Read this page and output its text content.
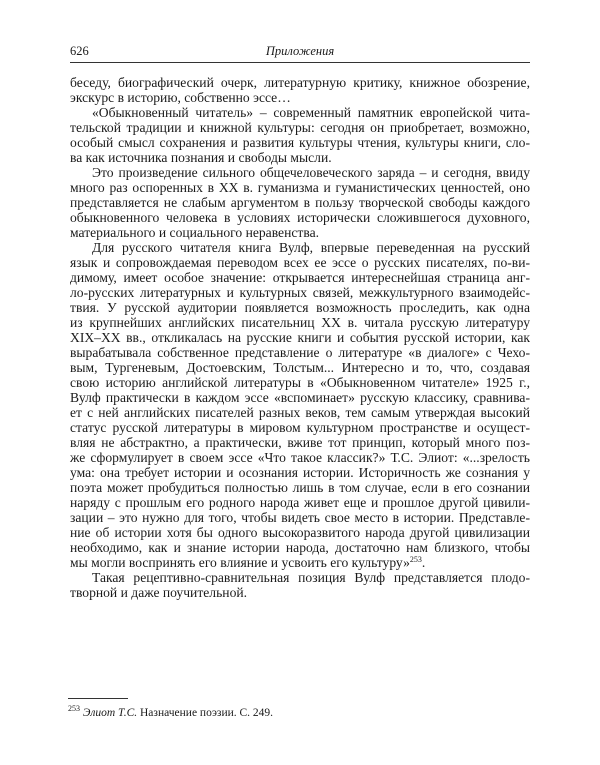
626	Приложения
беседу, биографический очерк, литературную критику, книжное обозрение,
экскурс в историю, собственно эссе…
«Обыкновенный читатель» – современный памятник европейской чита-
тельской традиции и книжной культуры: сегодня он приобретает, возможно,
особый смысл сохранения и развития культуры чтения, культуры книги, сло-
ва как источника познания и свободы мысли.
Это произведение сильного общечеловеческого заряда – и сегодня, ввиду
много раз оспоренных в XX в. гуманизма и гуманистических ценностей, оно
представляется не слабым аргументом в пользу творческой свободы каждого
обыкновенного человека в условиях исторически сложившегося духовного,
материального и социального неравенства.
Для русского читателя книга Вулф, впервые переведенная на русский
язык и сопровождаемая переводом всех ее эссе о русских писателях, по-ви-
димому, имеет особое значение: открывается интереснейшая страница анг-
ло-русских литературных и культурных связей, межкультурного взаимодейс-
твия. У русской аудитории появляется возможность проследить, как одна
из крупнейших английских писательниц XX в. читала русскую литературу
XIX–XX вв., откликалась на русские книги и события русской истории, как
вырабатывала собственное представление о литературе «в диалоге» с Чехо-
вым, Тургеневым, Достоевским, Толстым... Интересно и то, что, создавая
свою историю английской литературы в «Обыкновенном читателе» 1925 г.,
Вулф практически в каждом эссе «вспоминает» русскую классику, сравнива-
ет с ней английских писателей разных веков, тем самым утверждая высокий
статус русской литературы в мировом культурном пространстве и осущест-
вляя не абстрактно, а практически, вживе тот принцип, который много поз-
же сформулирует в своем эссе «Что такое классик?» Т.С. Элиот: «...зрелость
ума: она требует истории и осознания истории. Историчность же сознания у
поэта может пробудиться полностью лишь в том случае, если в его сознании
наряду с прошлым его родного народа живет еще и прошлое другой цивили-
зации – это нужно для того, чтобы видеть свое место в истории. Представле-
ние об истории хотя бы одного высокоразвитого народа другой цивилизации
необходимо, как и знание истории народа, достаточно нам близкого, чтобы
мы могли воспринять его влияние и усвоить его культуру»$^{253}$.
Такая рецептивно-сравнительная позиция Вулф представляется плодо-
творной и даже поучительной.
$^{253}$ Элиот Т.С. Назначение поэзии. С. 249.
